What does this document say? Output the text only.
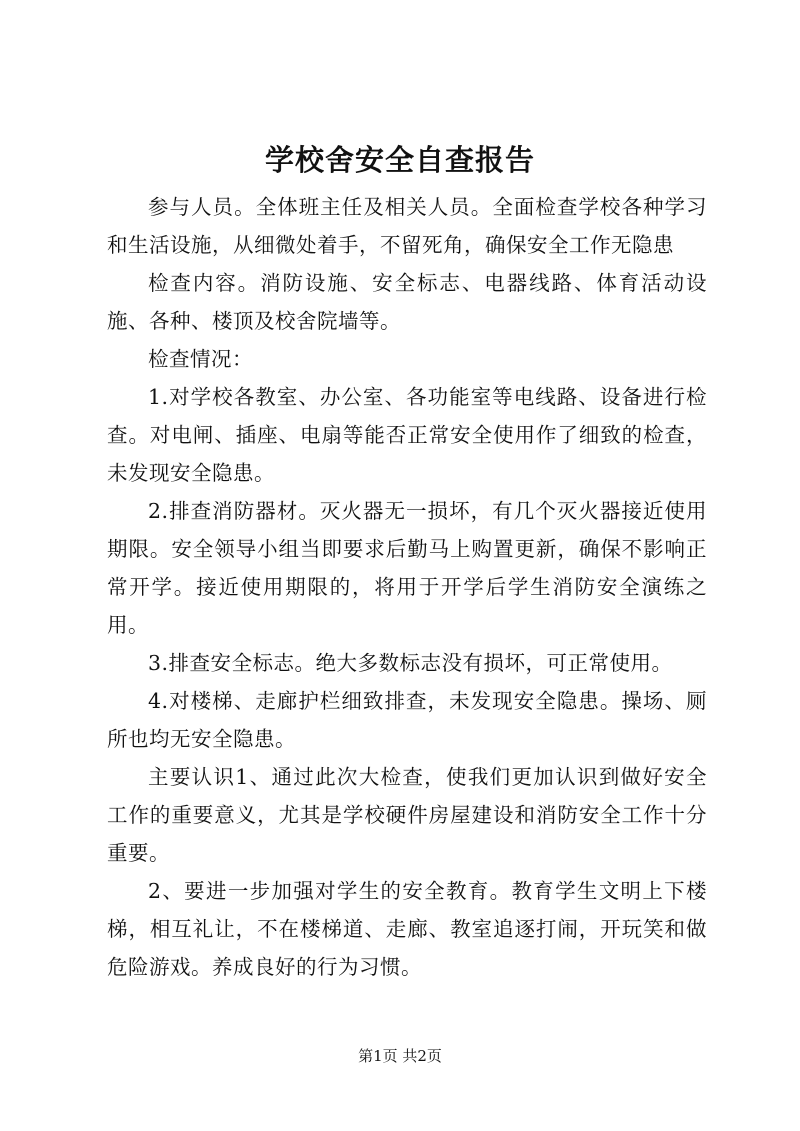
学校舍安全自查报告

参与人员。全体班主任及相关人员。全面检查学校各种学习和生活设施，从细微处着手，不留死角，确保安全工作无隐患

检查内容。消防设施、安全标志、电器线路、体育活动设施、各种、楼顶及校舍院墙等。

检查情况：

1.对学校各教室、办公室、各功能室等电线路、设备进行检查。对电闸、插座、电扇等能否正常安全使用作了细致的检查，未发现安全隐患。

2.排查消防器材。灭火器无一损坏，有几个灭火器接近使用期限。安全领导小组当即要求后勤马上购置更新，确保不影响正常开学。接近使用期限的，将用于开学后学生消防安全演练之用。

3.排查安全标志。绝大多数标志没有损坏，可正常使用。

4.对楼梯、走廊护栏细致排查，未发现安全隐患。操场、厕所也均无安全隐患。

主要认识1、通过此次大检查，使我们更加认识到做好安全工作的重要意义，尤其是学校硬件房屋建设和消防安全工作十分重要。

2、要进一步加强对学生的安全教育。教育学生文明上下楼梯，相互礼让，不在楼梯道、走廊、教室追逐打闹，开玩笑和做危险游戏。养成良好的行为习惯。

第1页 共2页
